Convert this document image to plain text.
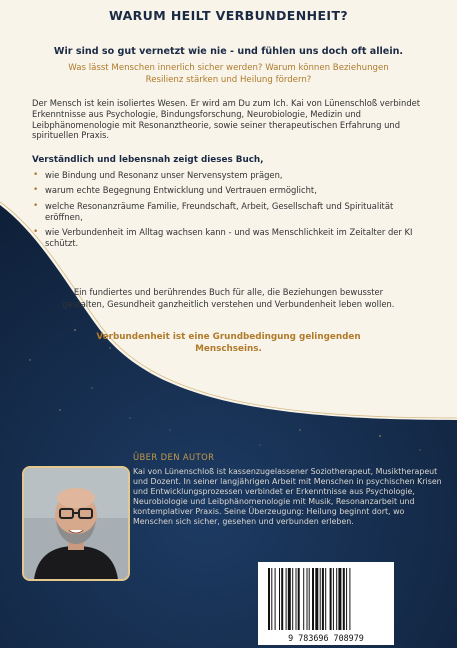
WARUM HEILT VERBUNDENHEIT?
Wir sind so gut vernetzt wie nie - und fühlen uns doch oft allein.
Was lässt Menschen innerlich sicher werden? Warum können Beziehungen Resilienz stärken und Heilung fördern?
Der Mensch ist kein isoliertes Wesen. Er wird am Du zum Ich. Kai von Lünenschloß verbindet Erkenntnisse aus Psychologie, Bindungsforschung, Neurobiologie, Medizin und Leibphänomenologie mit Resonanztheorie, sowie seiner therapeutischen Erfahrung und spirituellen Praxis.
Verständlich und lebensnah zeigt dieses Buch,
• wie Bindung und Resonanz unser Nervensystem prägen,
• warum echte Begegnung Entwicklung und Vertrauen ermöglicht,
• welche Resonanzräume Familie, Freundschaft, Arbeit, Gesellschaft und Spiritualität eröffnen,
• wie Verbundenheit im Alltag wachsen kann - und was Menschlichkeit im Zeitalter der KI schützt.
Ein fundiertes und berührendes Buch für alle, die Beziehungen bewusster gestalten, Gesundheit ganzheitlich verstehen und Verbundenheit leben wollen.
Verbundenheit ist eine Grundbedingung gelingenden Menschseins.
ÜBER DEN AUTOR
Kai von Lünenschloß ist kassenzugelassener Soziotherapeut, Musiktherapeut und Dozent. In seiner langjährigen Arbeit mit Menschen in psychischen Krisen und Entwicklungsprozessen verbindet er Erkenntnisse aus Psychologie, Neurobiologie und Leibphänomenologie mit Musik, Resonanzarbeit und kontemplativer Praxis. Seine Überzeugung: Heilung beginnt dort, wo Menschen sich sicher, gesehen und verbunden erleben.
9 783696 708979
